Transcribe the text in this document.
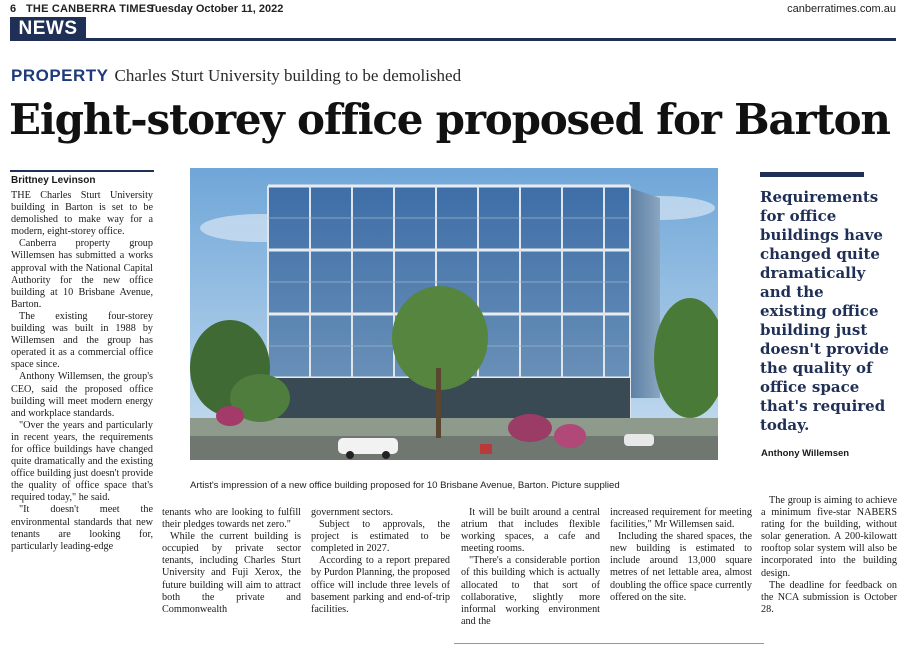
6 THE CANBERRA TIMES
Tuesday October 11, 2022	canberratimes.com.au
NEWS
PROPERTY Charles Sturt University building to be demolished
Eight-storey office proposed for Barton
Brittney Levinson

THE Charles Sturt University building in Barton is set to be demolished to make way for a modern, eight-storey office.

Canberra property group Willemsen has submitted a works approval with the National Capital Authority for the new office building at 10 Brisbane Avenue, Barton.

The existing four-storey building was built in 1988 by Willemsen and the group has operated it as a commercial office space since.

Anthony Willemsen, the group's CEO, said the proposed office building will meet modern energy and workplace standards.

"Over the years and particularly in recent years, the requirements for office buildings have changed quite dramatically and the existing office building just doesn't provide the quality of office space that's required today," he said.

"It doesn't meet the environmental standards that new tenants are looking for, particularly leading-edge

Artist's impression of a new office building proposed for 10 Brisbane Avenue, Barton. Picture supplied

tenants who are looking to fulfill their pledges towards net zero."

While the current building is occupied by private sector tenants, including Charles Sturt University and Fuji Xerox, the future building will aim to attract both the private and Commonwealth

government sectors.

Subject to approvals, the project is estimated to be completed in 2027.

According to a report prepared by Purdon Planning, the proposed office will include three levels of basement parking and end-of-trip facilities.

It will be built around a central atrium that includes flexible working spaces, a cafe and meeting rooms.

"There's a considerable portion of this building which is actually allocated to that sort of collaborative, slightly more informal working environment and the

increased requirement for meeting facilities," Mr Willemsen said.

Including the shared spaces, the new building is estimated to include around 13,000 square metres of net lettable area, almost doubling the office space currently offered on the site.

The group is aiming to achieve a minimum five-star NABERS rating for the building, without solar generation. A 200-kilowatt rooftop solar system will also be incorporated into the building design.

The deadline for feedback on the NCA submission is October 28.

Requirements for office buildings have changed quite dramatically and the existing office building just doesn't provide the quality of office space that's required today.
Anthony Willemsen
